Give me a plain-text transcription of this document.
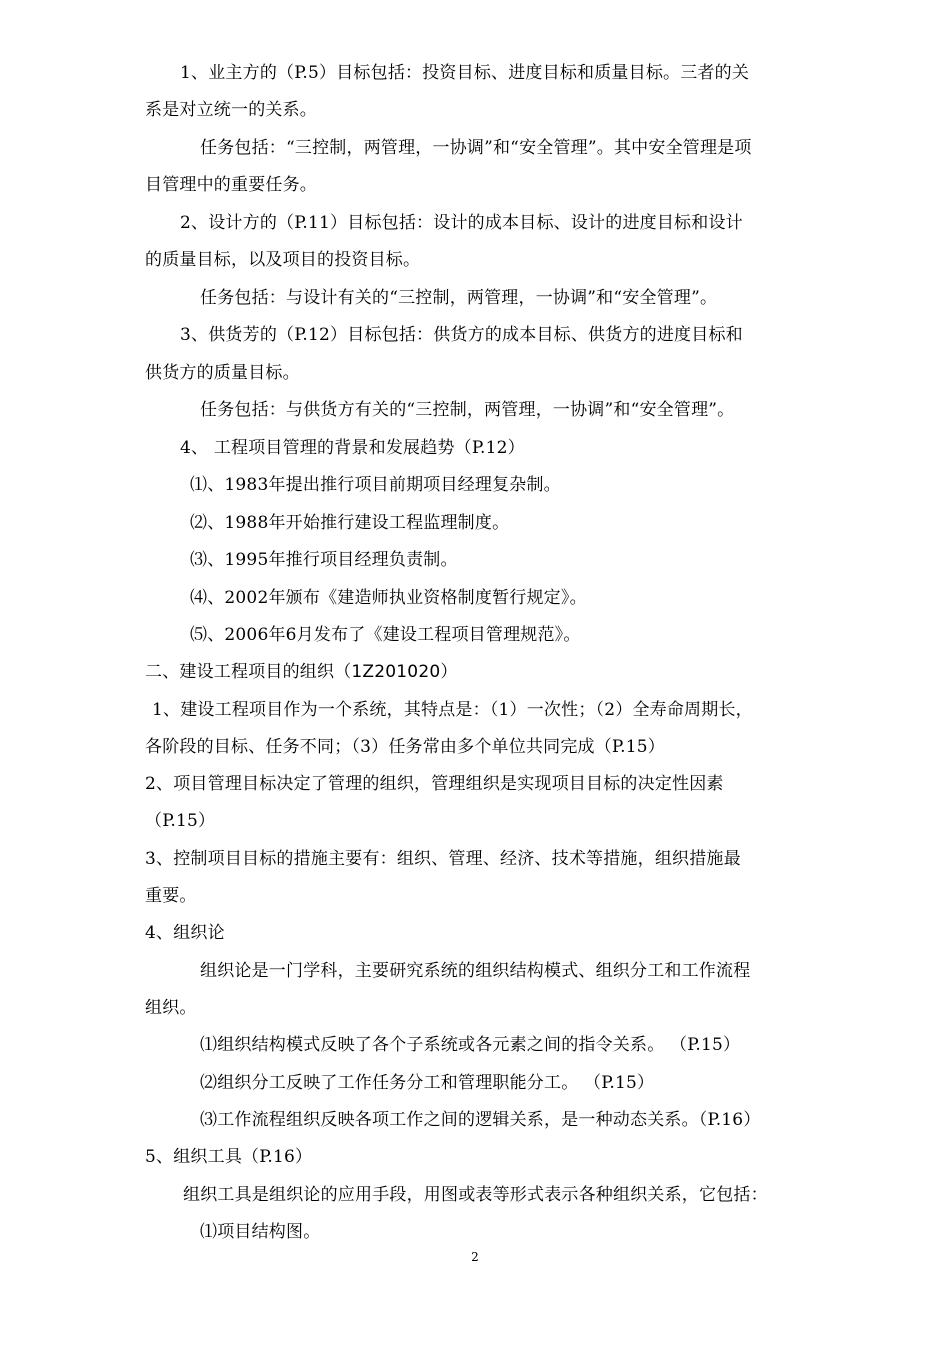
1、业主方的（P.5）目标包括：投资目标、进度目标和质量目标。三者的关
系是对立统一的关系。
任务包括：“三控制，两管理，一协调”和“安全管理”。其中安全管理是项
目管理中的重要任务。
2、设计方的（P.11）目标包括：设计的成本目标、设计的进度目标和设计
的质量目标，以及项目的投资目标。
任务包括：与设计有关的“三控制，两管理，一协调”和“安全管理”。
3、供货芳的（P.12）目标包括：供货方的成本目标、供货方的进度目标和
供货方的质量目标。
任务包括：与供货方有关的“三控制，两管理，一协调”和“安全管理”。
4、 工程项目管理的背景和发展趋势（P.12）
⑴、1983年提出推行项目前期项目经理复杂制。
⑵、1988年开始推行建设工程监理制度。
⑶、1995年推行项目经理负责制。
⑷、2002年颁布《建造师执业资格制度暂行规定》。
⑸、2006年6月发布了《建设工程项目管理规范》。
二、建设工程项目的组织（1Z201020）
1、建设工程项目作为一个系统，其特点是：（1）一次性；（2）全寿命周期长，
各阶段的目标、任务不同；（3）任务常由多个单位共同完成（P.15）
2、项目管理目标决定了管理的组织，管理组织是实现项目目标的决定性因素
（P.15）
3、控制项目目标的措施主要有：组织、管理、经济、技术等措施，组织措施最
重要。
4、组织论
组织论是一门学科，主要研究系统的组织结构模式、组织分工和工作流程
组织。
⑴组织结构模式反映了各个子系统或各元素之间的指令关系。 （P.15）
⑵组织分工反映了工作任务分工和管理职能分工。 （P.15）
⑶工作流程组织反映各项工作之间的逻辑关系，是一种动态关系。（P.16）
5、组织工具（P.16）
组织工具是组织论的应用手段，用图或表等形式表示各种组织关系，它包括：
⑴项目结构图。
2
